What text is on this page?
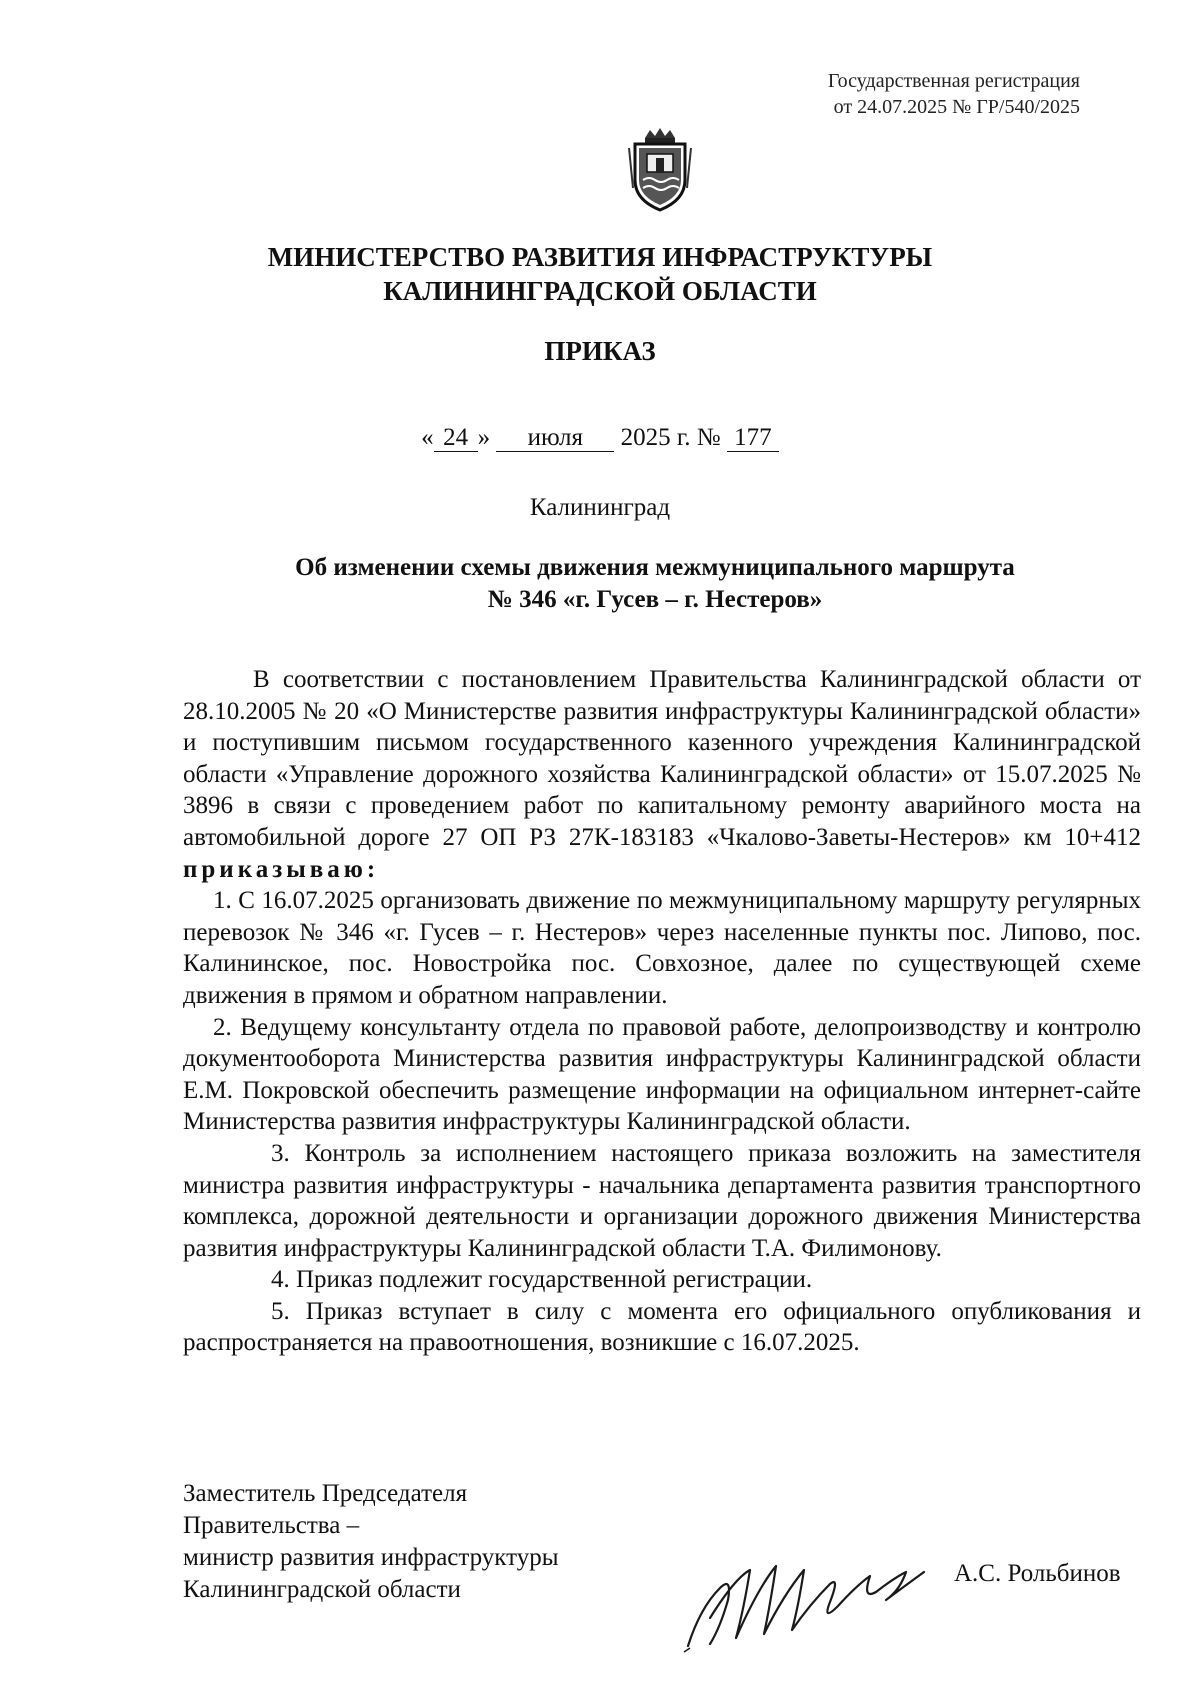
Государственная регистрация
от 24.07.2025 № ГР/540/2025
МИНИСТЕРСТВО РАЗВИТИЯ ИНФРАСТРУКТУРЫ
КАЛИНИНГРАДСКОЙ ОБЛАСТИ
ПРИКАЗ
« 24 » июля 2025 г. № 177
Калининград
Об изменении схемы движения межмуниципального маршрута
№ 346 «г. Гусев – г. Нестеров»

В соответствии с постановлением Правительства Калининградской области от 28.10.2005 № 20 «О Министерстве развития инфраструктуры Калининградской области» и поступившим письмом государственного казенного учреждения Калининградской области «Управление дорожного хозяйства Калининградской области» от 15.07.2025 № 3896 в связи с проведением работ по капитальному ремонту аварийного моста на автомобильной дороге 27 ОП РЗ 27К-183183 «Чкалово-Заветы-Нестеров» км 10+412 приказываю:

1. С 16.07.2025 организовать движение по межмуниципальному маршруту регулярных перевозок № 346 «г. Гусев – г. Нестеров» через населенные пункты пос. Липово, пос. Калининское, пос. Новостройка пос. Совхозное, далее по существующей схеме движения в прямом и обратном направлении.

2. Ведущему консультанту отдела по правовой работе, делопроизводству и контролю документооборота Министерства развития инфраструктуры Калининградской области Е.М. Покровской обеспечить размещение информации на официальном интернет-сайте Министерства развития инфраструктуры Калининградской области.

3. Контроль за исполнением настоящего приказа возложить на заместителя министра развития инфраструктуры - начальника департамента развития транспортного комплекса, дорожной деятельности и организации дорожного движения Министерства развития инфраструктуры Калининградской области Т.А. Филимонову.

4. Приказ подлежит государственной регистрации.

5. Приказ вступает в силу с момента его официального опубликования и распространяется на правоотношения, возникшие с 16.07.2025.

Заместитель Председателя
Правительства –
министр развития инфраструктуры
Калининградской области
А.С. Рольбинов
